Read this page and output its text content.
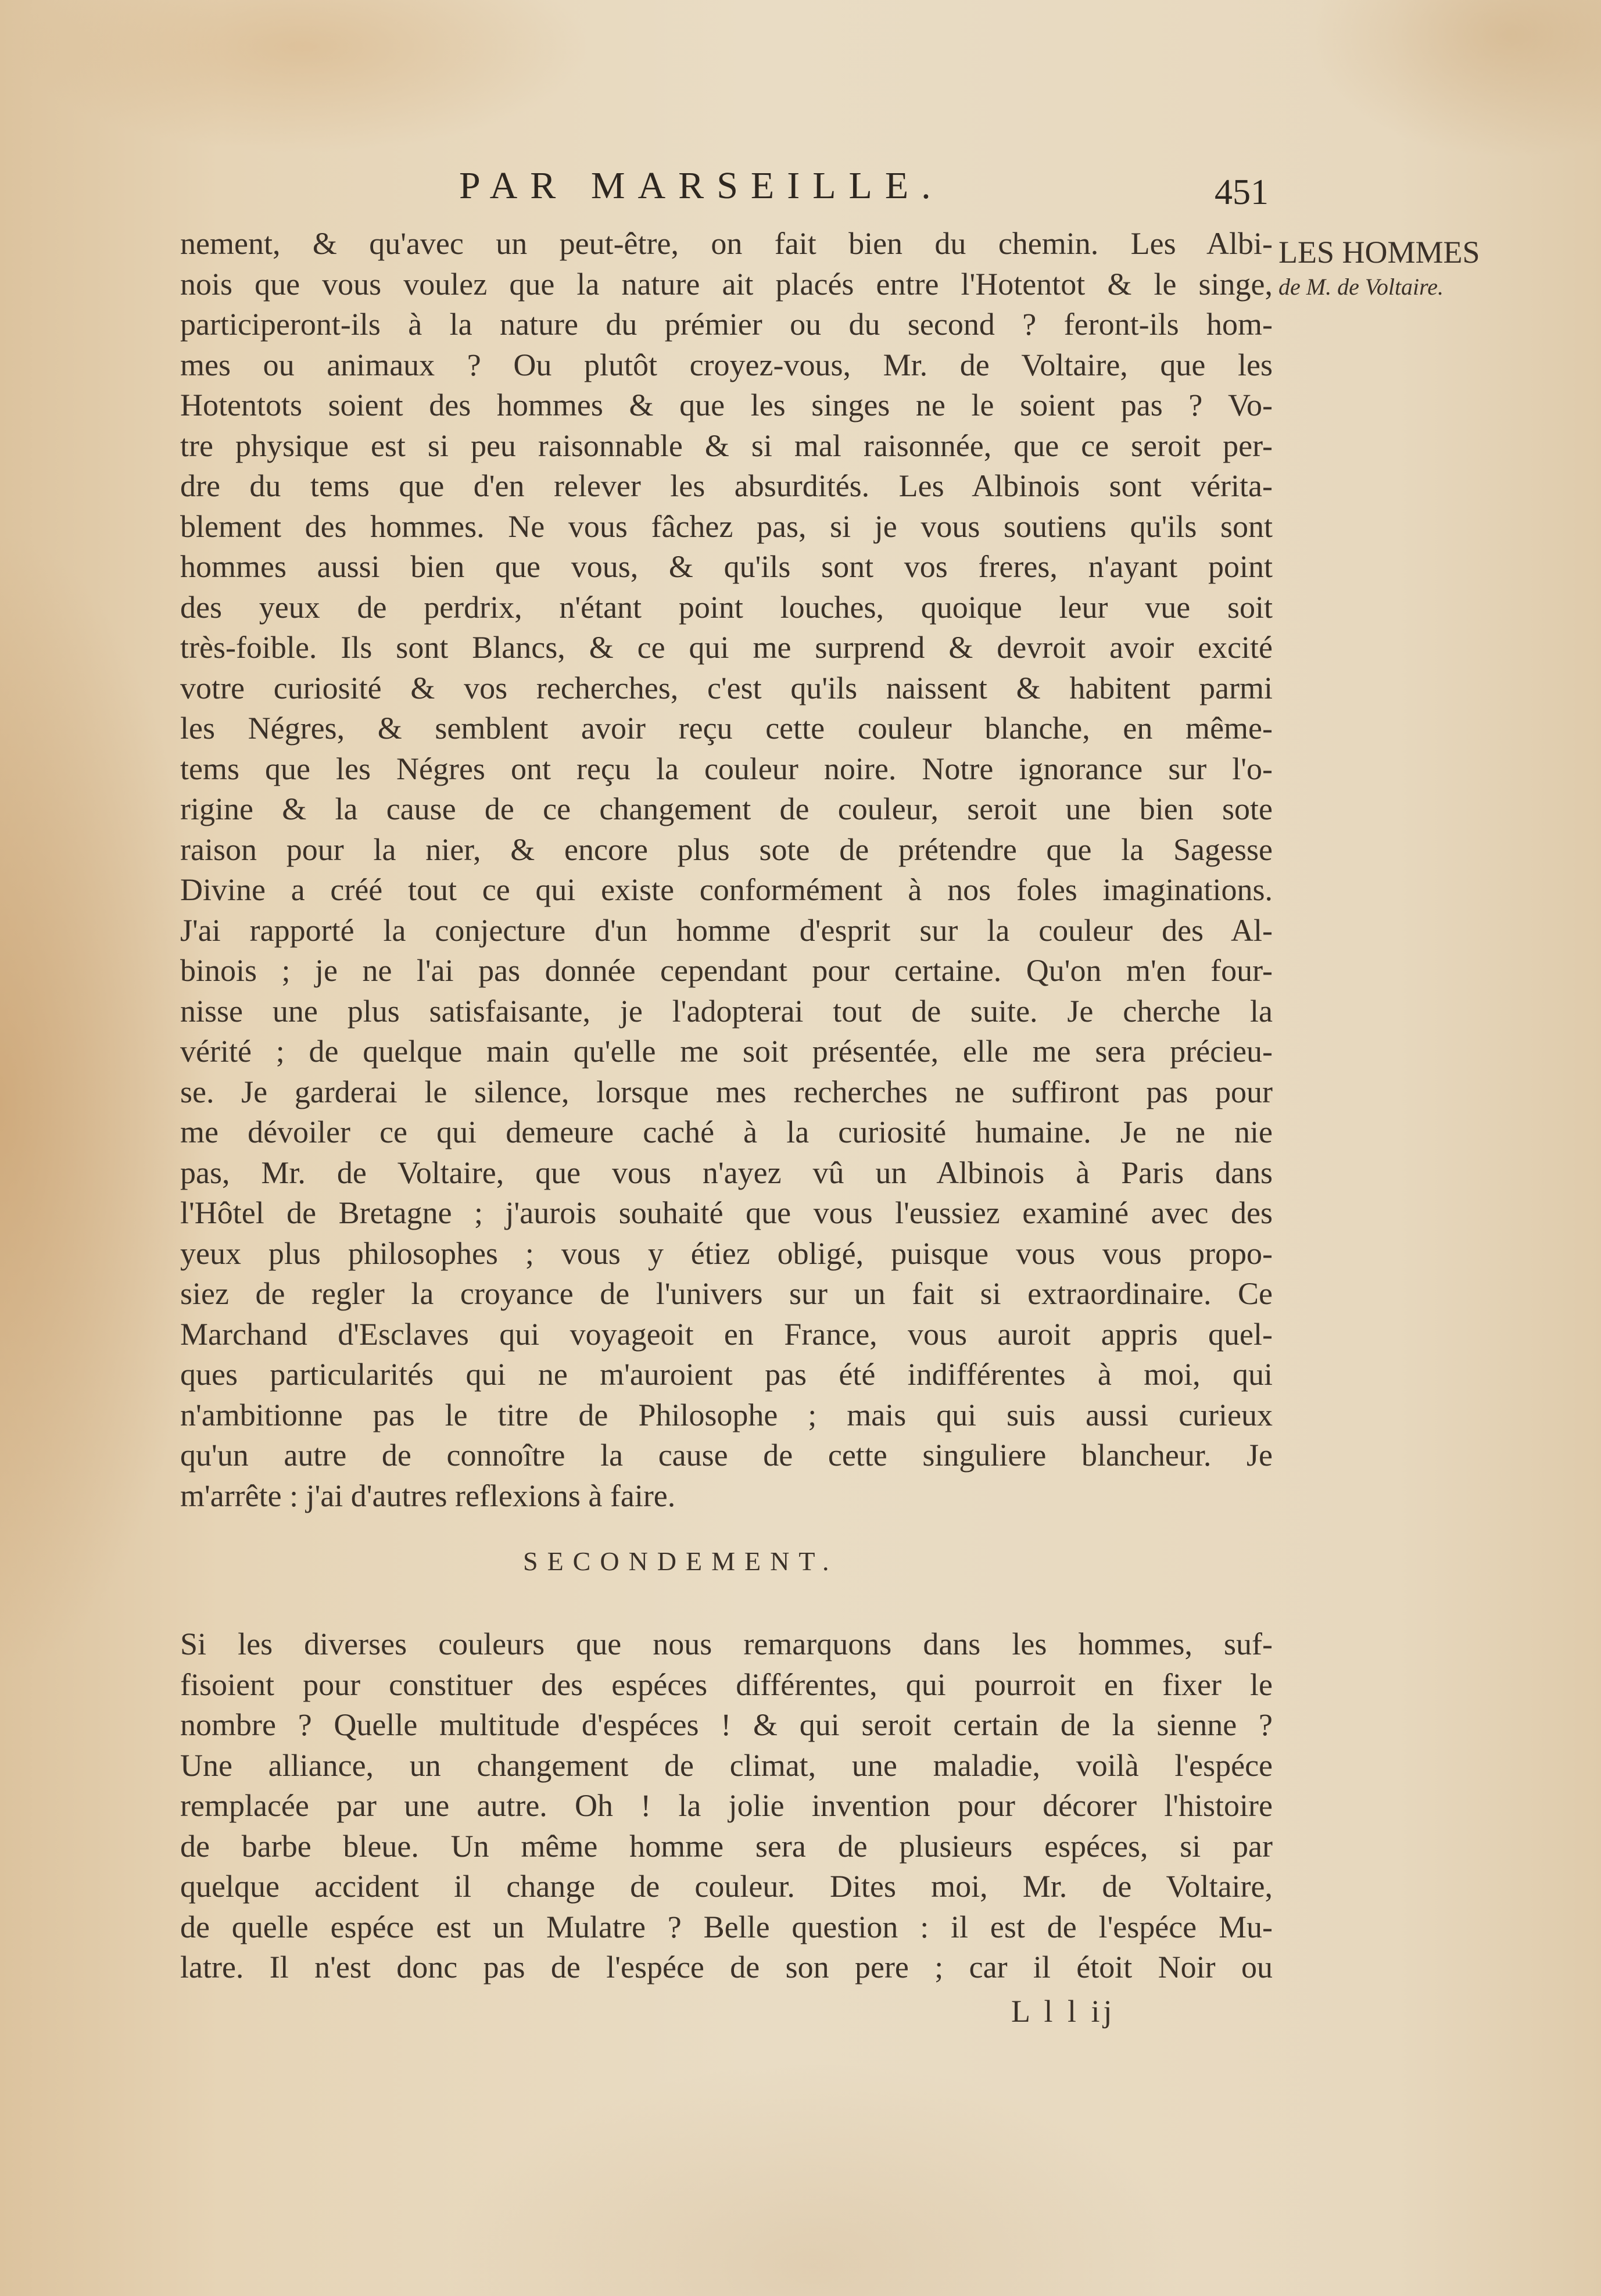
PAR MARSEILLE.	451
LES HOMMES
de M. de Voltaire.
nement, & qu'avec un peut-être, on fait bien du chemin. Les Albi-
nois que vous voulez que la nature ait placés entre l'Hotentot & le singe,
participeront-ils à la nature du prémier ou du second ? feront-ils hom-
mes ou animaux ? Ou plutôt croyez-vous, Mr. de Voltaire, que les
Hotentots soient des hommes & que les singes ne le soient pas ? Vo-
tre physique est si peu raisonnable & si mal raisonnée, que ce seroit per-
dre du tems que d'en relever les absurdités. Les Albinois sont vérita-
blement des hommes. Ne vous fâchez pas, si je vous soutiens qu'ils sont
hommes aussi bien que vous, & qu'ils sont vos freres, n'ayant point
des yeux de perdrix, n'étant point louches, quoique leur vue soit
très-foible. Ils sont Blancs, & ce qui me surprend & devroit avoir excité
votre curiosité & vos recherches, c'est qu'ils naissent & habitent parmi
les Négres, & semblent avoir reçu cette couleur blanche, en même-
tems que les Négres ont reçu la couleur noire. Notre ignorance sur l'o-
rigine & la cause de ce changement de couleur, seroit une bien sote
raison pour la nier, & encore plus sote de prétendre que la Sagesse
Divine a créé tout ce qui existe conformément à nos foles imaginations.
J'ai rapporté la conjecture d'un homme d'esprit sur la couleur des Al-
binois ; je ne l'ai pas donnée cependant pour certaine. Qu'on m'en four-
nisse une plus satisfaisante, je l'adopterai tout de suite. Je cherche la
vérité ; de quelque main qu'elle me soit présentée, elle me sera précieu-
se. Je garderai le silence, lorsque mes recherches ne suffiront pas pour
me dévoiler ce qui demeure caché à la curiosité humaine. Je ne nie
pas, Mr. de Voltaire, que vous n'ayez vû un Albinois à Paris dans
l'Hôtel de Bretagne ; j'aurois souhaité que vous l'eussiez examiné avec des
yeux plus philosophes ; vous y étiez obligé, puisque vous vous propo-
siez de regler la croyance de l'univers sur un fait si extraordinaire. Ce
Marchand d'Esclaves qui voyageoit en France, vous auroit appris quel-
ques particularités qui ne m'auroient pas été indifférentes à moi, qui
n'ambitionne pas le titre de Philosophe ; mais qui suis aussi curieux
qu'un autre de connoître la cause de cette singuliere blancheur. Je
m'arrête : j'ai d'autres reflexions à faire.
SECONDEMENT.
Si les diverses couleurs que nous remarquons dans les hommes, suf-
fisoient pour constituer des espéces différentes, qui pourroit en fixer le
nombre ? Quelle multitude d'espéces ! & qui seroit certain de la sienne ?
Une alliance, un changement de climat, une maladie, voilà l'espéce
remplacée par une autre. Oh ! la jolie invention pour décorer l'histoire
de barbe bleue. Un même homme sera de plusieurs espéces, si par
quelque accident il change de couleur. Dites moi, Mr. de Voltaire,
de quelle espéce est un Mulatre ? Belle question : il est de l'espéce Mu-
latre. Il n'est donc pas de l'espéce de son pere ; car il étoit Noir ou
L l l ij
